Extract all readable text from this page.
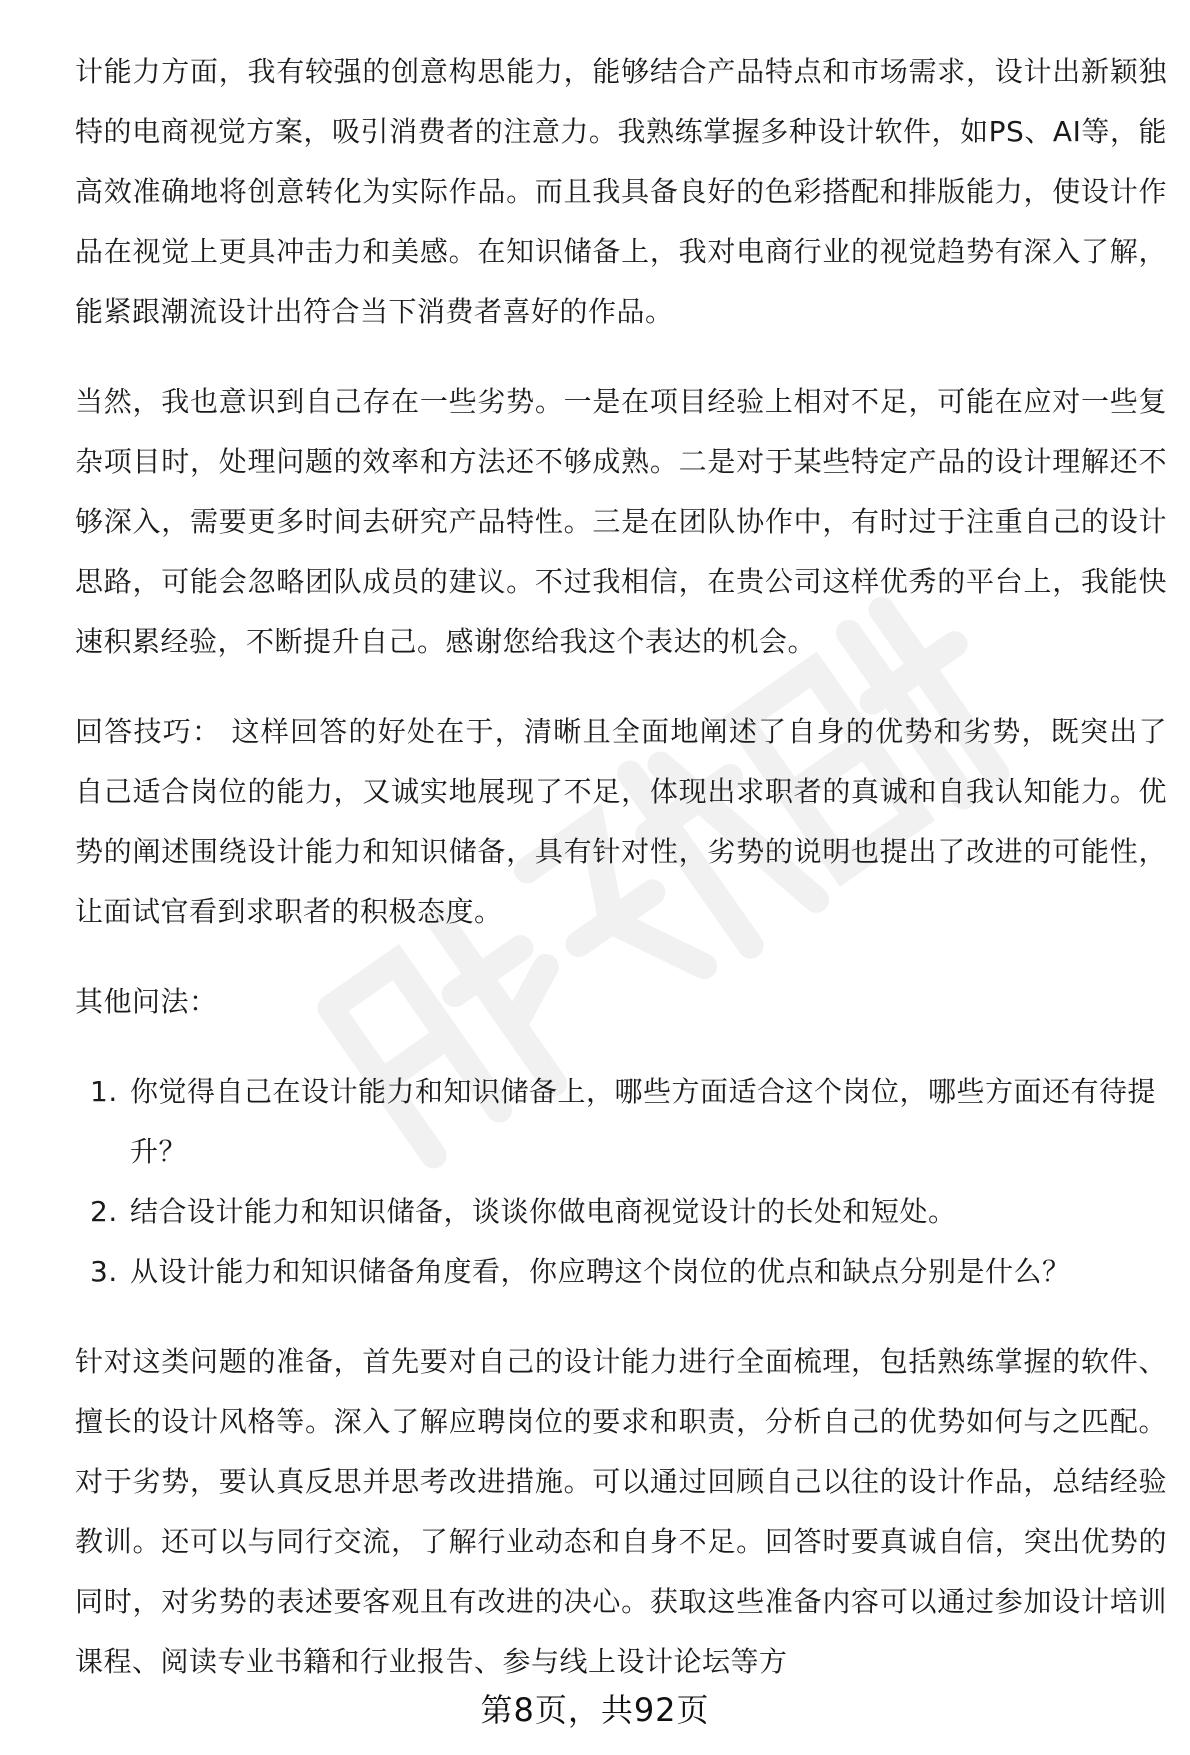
计能力方面，我有较强的创意构思能力，能够结合产品特点和市场需求，设计出新颖独特的电商视觉方案，吸引消费者的注意力。我熟练掌握多种设计软件，如PS、AI等，能高效准确地将创意转化为实际作品。而且我具备良好的色彩搭配和排版能力，使设计作品在视觉上更具冲击力和美感。在知识储备上，我对电商行业的视觉趋势有深入了解，能紧跟潮流设计出符合当下消费者喜好的作品。

当然，我也意识到自己存在一些劣势。一是在项目经验上相对不足，可能在应对一些复杂项目时，处理问题的效率和方法还不够成熟。二是对于某些特定产品的设计理解还不够深入，需要更多时间去研究产品特性。三是在团队协作中，有时过于注重自己的设计思路，可能会忽略团队成员的建议。不过我相信，在贵公司这样优秀的平台上，我能快速积累经验，不断提升自己。感谢您给我这个表达的机会。

回答技巧： 这样回答的好处在于，清晰且全面地阐述了自身的优势和劣势，既突出了自己适合岗位的能力，又诚实地展现了不足，体现出求职者的真诚和自我认知能力。优势的阐述围绕设计能力和知识储备，具有针对性，劣势的说明也提出了改进的可能性，让面试官看到求职者的积极态度。

其他问法：

1. 你觉得自己在设计能力和知识储备上，哪些方面适合这个岗位，哪些方面还有待提升？
2. 结合设计能力和知识储备，谈谈你做电商视觉设计的长处和短处。
3. 从设计能力和知识储备角度看，你应聘这个岗位的优点和缺点分别是什么？

针对这类问题的准备，首先要对自己的设计能力进行全面梳理，包括熟练掌握的软件、擅长的设计风格等。深入了解应聘岗位的要求和职责，分析自己的优势如何与之匹配。对于劣势，要认真反思并思考改进措施。可以通过回顾自己以往的设计作品，总结经验教训。还可以与同行交流，了解行业动态和自身不足。回答时要真诚自信，突出优势的同时，对劣势的表述要客观且有改进的决心。获取这些准备内容可以通过参加设计培训课程、阅读专业书籍和行业报告、参与线上设计论坛等方

第8页，共92页
